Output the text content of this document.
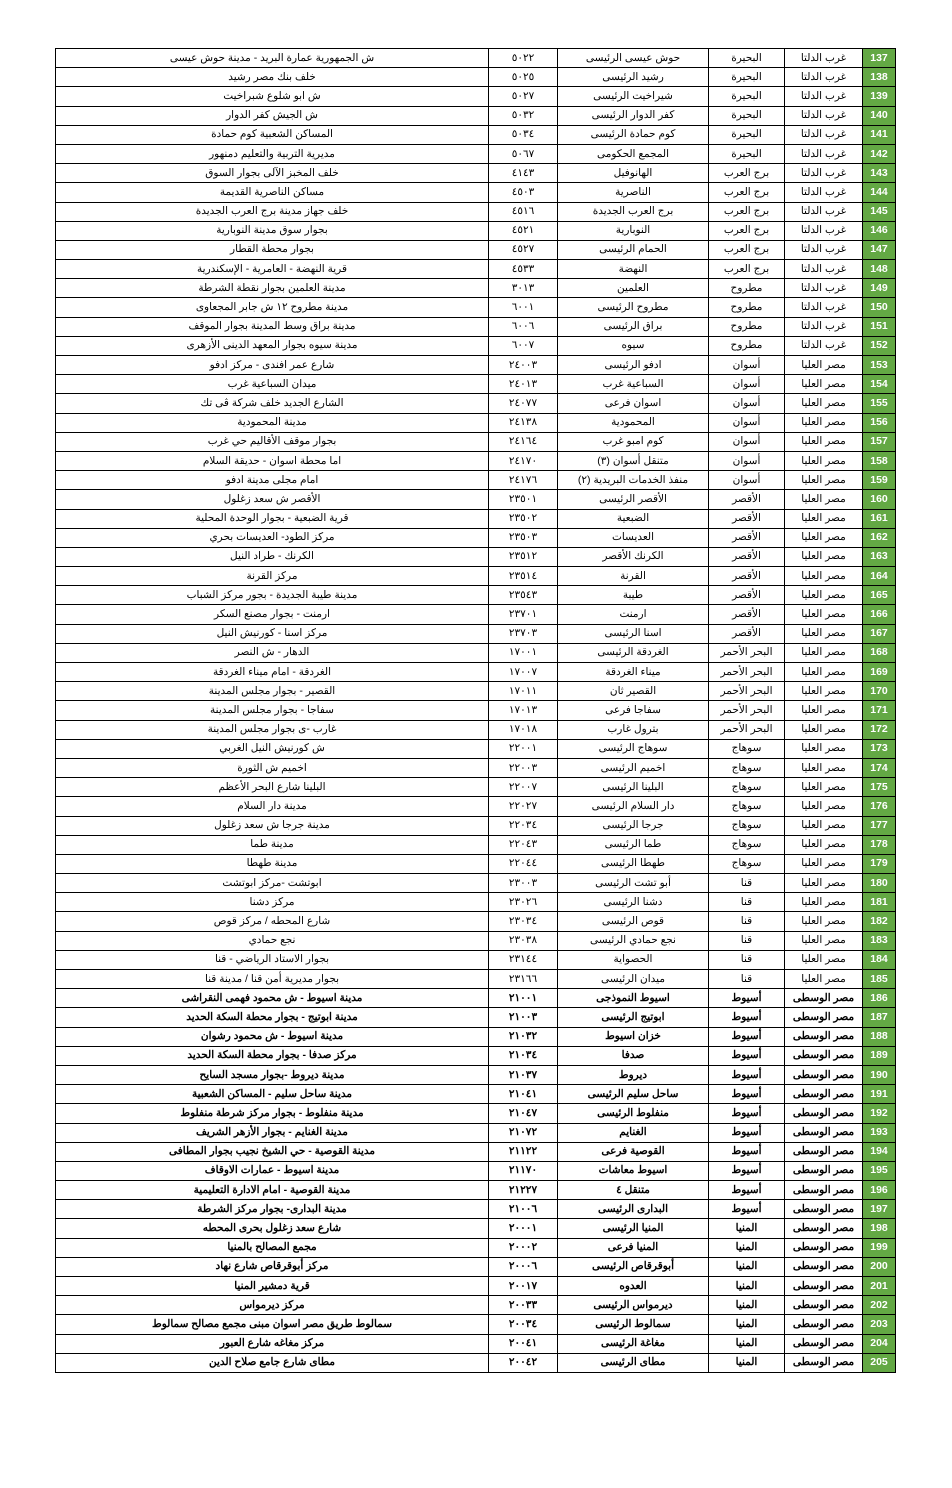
137	غرب الدلتا	البحيرة	حوش عيسى الرئيسى	٥٠٢٢	ش الجمهورية عمارة البريد - مدينة حوش عيسى
138	غرب الدلتا	البحيرة	رشيد الرئيسى	٥٠٢٥	خلف بنك مصر رشيد
139	غرب الدلتا	البحيرة	شيراخيت الرئيسى	٥٠٢٧	ش ابو شلوع شبراخيت
140	غرب الدلتا	البحيرة	كفر الدوار الرئيسى	٥٠٣٢	ش الجيش كفر الدوار
141	غرب الدلتا	البحيرة	كوم حمادة الرئيسى	٥٠٣٤	المساكن الشعبية كوم حمادة
142	غرب الدلتا	البحيرة	المجمع الحكومى	٥٠٦٧	مديرية التربية والتعليم دمنهور
143	غرب الدلتا	برج العرب	الهانوفيل	٤١٤٣	خلف المخبز الآلى بجوار السوق
144	غرب الدلتا	برج العرب	الناصرية	٤٥٠٣	مساكن الناصرية القديمة
145	غرب الدلتا	برج العرب	برج العرب الجديدة	٤٥١٦	خلف جهاز مدينة برج العرب الجديدة
146	غرب الدلتا	برج العرب	النوبارية	٤٥٢١	بجوار سوق مدينة النوبارية
147	غرب الدلتا	برج العرب	الحمام الرئيسى	٤٥٢٧	بجوار محطة القطار
148	غرب الدلتا	برج العرب	النهضة	٤٥٣٣	قرية النهضة - العامرية - الإسكندرية
149	غرب الدلتا	مطروح	العلمين	٣٠١٣	مدينة العلمين بجوار نقطة الشرطة
150	غرب الدلتا	مطروح	مطروح الرئيسى	٦٠٠١	مدينة مطروح ١٢ ش جابر المجعاوى
151	غرب الدلتا	مطروح	براق الرئيسى	٦٠٠٦	مدينة براق وسط المدينة بجوار الموقف
152	غرب الدلتا	مطروح	سيوه	٦٠٠٧	مدينة سيوه بجوار المعهد الدينى الأزهرى
153	مصر العليا	أسوان	ادفو الرئيسى	٢٤٠٠٣	شارع عمر افندى - مركز ادفو
154	مصر العليا	أسوان	السباعية غرب	٢٤٠١٣	ميدان السباعية غرب
155	مصر العليا	أسوان	اسوان فرعى	٢٤٠٧٧	الشارع الجديد خلف شركة ڤى تك
156	مصر العليا	أسوان	المحمودية	٢٤١٣٨	مدينة المحمودية
157	مصر العليا	أسوان	كوم امبو غرب	٢٤١٦٤	بجوار موقف الأقاليم حي غرب
158	مصر العليا	أسوان	متنقل أسوان (٣)	٢٤١٧٠	اما محطة اسوان - حديقة السلام
159	مصر العليا	أسوان	منفذ الخدمات البريدية (٢)	٢٤١٧٦	امام مجلى مدينة ادفو
160	مصر العليا	الأقصر	الأقصر الرئيسى	٢٣٥٠١	الأقصر ش سعد زغلول
161	مصر العليا	الأقصر	الضبعية	٢٣٥٠٢	قرية الضبعية - بجوار الوحدة المحلية
162	مصر العليا	الأقصر	العديسات	٢٣٥٠٣	مركز الطود- العديسات بحري
163	مصر العليا	الأقصر	الكرنك الأقصر	٢٣٥١٢	الكرنك - طراد النيل
164	مصر العليا	الأقصر	القرنة	٢٣٥١٤	مركز القرنة
165	مصر العليا	الأقصر	طيبة	٢٣٥٤٣	مدينة طيبة الجديدة - بجور مركز الشباب
166	مصر العليا	الأقصر	ارمنت	٢٣٧٠١	ارمنت - بجوار مصنع السكر
167	مصر العليا	الأقصر	اسنا الرئيسى	٢٣٧٠٣	مركز اسنا - كورنيش النيل
168	مصر العليا	البحر الأحمر	الغردقة الرئيسى	١٧٠٠١	الدهار - ش النصر
169	مصر العليا	البحر الأحمر	ميناء الغردقة	١٧٠٠٧	الغردقة - امام ميناء الغردقة
170	مصر العليا	البحر الأحمر	القصير ثان	١٧٠١١	القصير - بجوار مجلس المدينة
171	مصر العليا	البحر الأحمر	سفاجا فرعى	١٧٠١٣	سفاجا - بجوار مجلس المدينة
172	مصر العليا	البحر الأحمر	بترول غارب	١٧٠١٨	غارب -ى بجوار مجلس المدينة
173	مصر العليا	سوهاج	سوهاج الرئيسى	٢٢٠٠١	ش كورنيش النيل الغربي
174	مصر العليا	سوهاج	اخميم الرئيسى	٢٢٠٠٣	اخميم ش الثورة
175	مصر العليا	سوهاج	البلينا الرئيسى	٢٢٠٠٧	البلينا شارع البحر الأعظم
176	مصر العليا	سوهاج	دار السلام الرئيسى	٢٢٠٢٧	مدينة دار السلام
177	مصر العليا	سوهاج	جرجا الرئيسى	٢٢٠٣٤	مدينة جرجا ش سعد زغلول
178	مصر العليا	سوهاج	طما الرئيسى	٢٢٠٤٣	مدينة طما
179	مصر العليا	سوهاج	طهطا الرئيسى	٢٢٠٤٤	مدينة طهطا
180	مصر العليا	قنا	أبو تشت الرئيسى	٢٣٠٠٣	ابوتشت -مركز ابوتشت
181	مصر العليا	قنا	دشنا الرئيسى	٢٣٠٢٦	مركز دشنا
182	مصر العليا	قنا	قوص الرئيسى	٢٣٠٣٤	شارع المحطه / مركز قوص
183	مصر العليا	قنا	نجع حمادي الرئيسى	٢٣٠٣٨	نجع حمادي
184	مصر العليا	قنا	الحصواية	٢٣١٤٤	بجوار الاستاد الرياضي - قنا
185	مصر العليا	قنا	ميدان الرئيسى	٢٣١٦٦	بجوار مديرية أمن قنا / مدينة قنا
186	مصر الوسطى	أسيوط	اسيوط النموذجى	٢١٠٠١	مدينة اسيوط - ش محمود فهمى النقراشى
187	مصر الوسطى	أسيوط	ابوتيج الرئيسى	٢١٠٠٣	مدينة ابوتيج - بجوار محطة السكة الحديد
188	مصر الوسطى	أسيوط	خزان اسيوط	٢١٠٣٢	مدينة اسيوط - ش محمود رشوان
189	مصر الوسطى	أسيوط	صدفا	٢١٠٣٤	مركز صدفا - بجوار محطة السكة الحديد
190	مصر الوسطى	أسيوط	ديروط	٢١٠٣٧	مدينة ديروط -بجوار مسجد السايح
191	مصر الوسطى	أسيوط	ساحل سليم الرئيسى	٢١٠٤١	مدينة ساحل سليم - المساكن الشعبية
192	مصر الوسطى	أسيوط	منفلوط الرئيسى	٢١٠٤٧	مدينة منفلوط - بجوار مركز شرطة منفلوط
193	مصر الوسطى	أسيوط	الغنايم	٢١٠٧٢	مدينة الغنايم - بجوار الأزهر الشريف
194	مصر الوسطى	أسيوط	القوصية فرعى	٢١١٢٢	مدينة القوصية - حي الشيخ نجيب بجوار المطافى
195	مصر الوسطى	أسيوط	اسيوط معاشات	٢١١٧٠	مدينة اسيوط - عمارات الاوقاف
196	مصر الوسطى	أسيوط	متنقل ٤	٢١٢٢٧	مدينة القوصية - امام الادارة التعليمية
197	مصر الوسطى	أسيوط	البدارى الرئيسى	٢١٠٠٦	مدينة البدارى- بجوار مركز الشرطة
198	مصر الوسطى	المنيا	المنيا الرئيسى	٢٠٠٠١	شارع سعد زغلول بحرى المحطه
199	مصر الوسطى	المنيا	المنيا فرعى	٢٠٠٠٢	مجمع المصالح بالمنيا
200	مصر الوسطى	المنيا	أبوقرقاص الرئيسى	٢٠٠٠٦	مركز أبوقرقاص شارع نهاد
201	مصر الوسطى	المنيا	العدوه	٢٠٠١٧	قرية دمشير المنيا
202	مصر الوسطى	المنيا	ديرمواس الرئيسى	٢٠٠٣٣	مركز ديرمواس
203	مصر الوسطى	المنيا	سمالوط الرئيسى	٢٠٠٣٤	سمالوط طريق مصر اسوان مبنى مجمع مصالح سمالوط
204	مصر الوسطى	المنيا	مغاغة الرئيسى	٢٠٠٤١	مركز مغاغه شارع العبور
205	مصر الوسطى	المنيا	مطاى الرئيسى	٢٠٠٤٢	مطاى شارع جامع صلاح الدين
